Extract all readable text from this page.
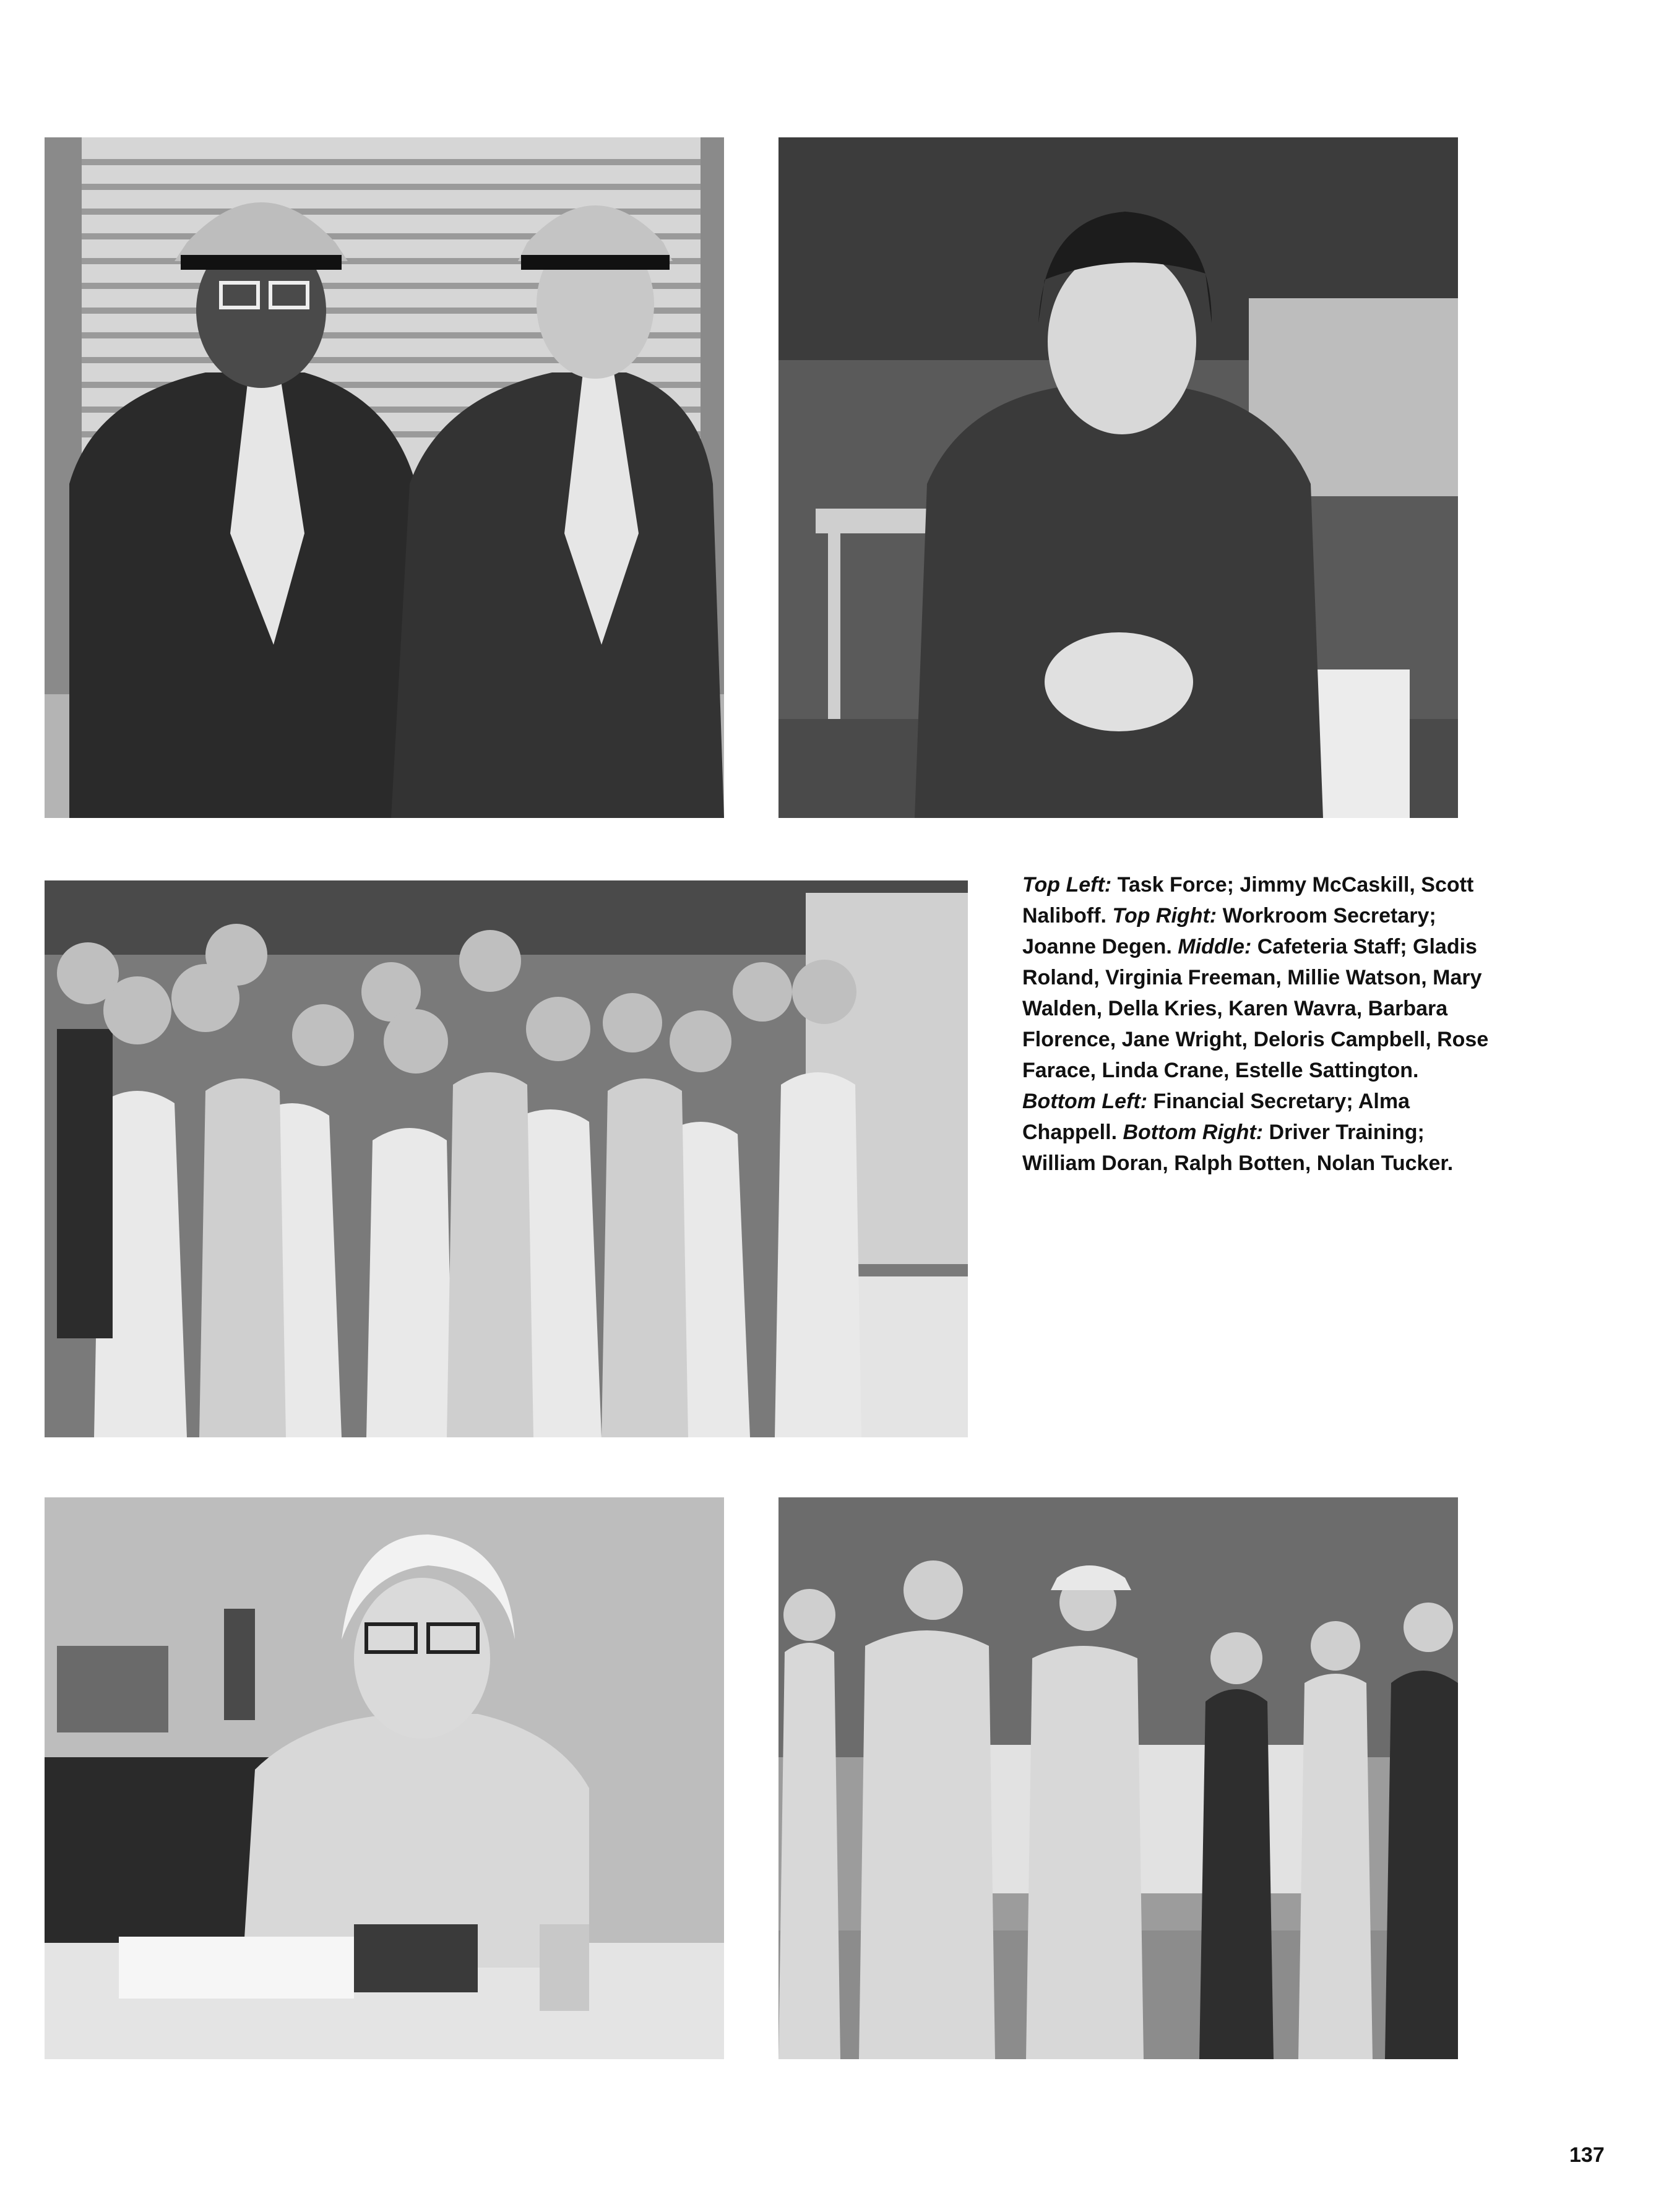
Top Left: Task Force; Jimmy McCaskill, Scott Naliboff. Top Right: Workroom Secretary; Joanne Degen. Middle: Cafeteria Staff; Gladis Roland, Virginia Freeman, Millie Watson, Mary Walden, Della Kries, Karen Wavra, Barbara Florence, Jane Wright, Deloris Campbell, Rose Farace, Linda Crane, Estelle Sattington. Bottom Left: Financial Secretary; Alma Chappell. Bottom Right: Driver Training; William Doran, Ralph Botten, Nolan Tucker.
137
